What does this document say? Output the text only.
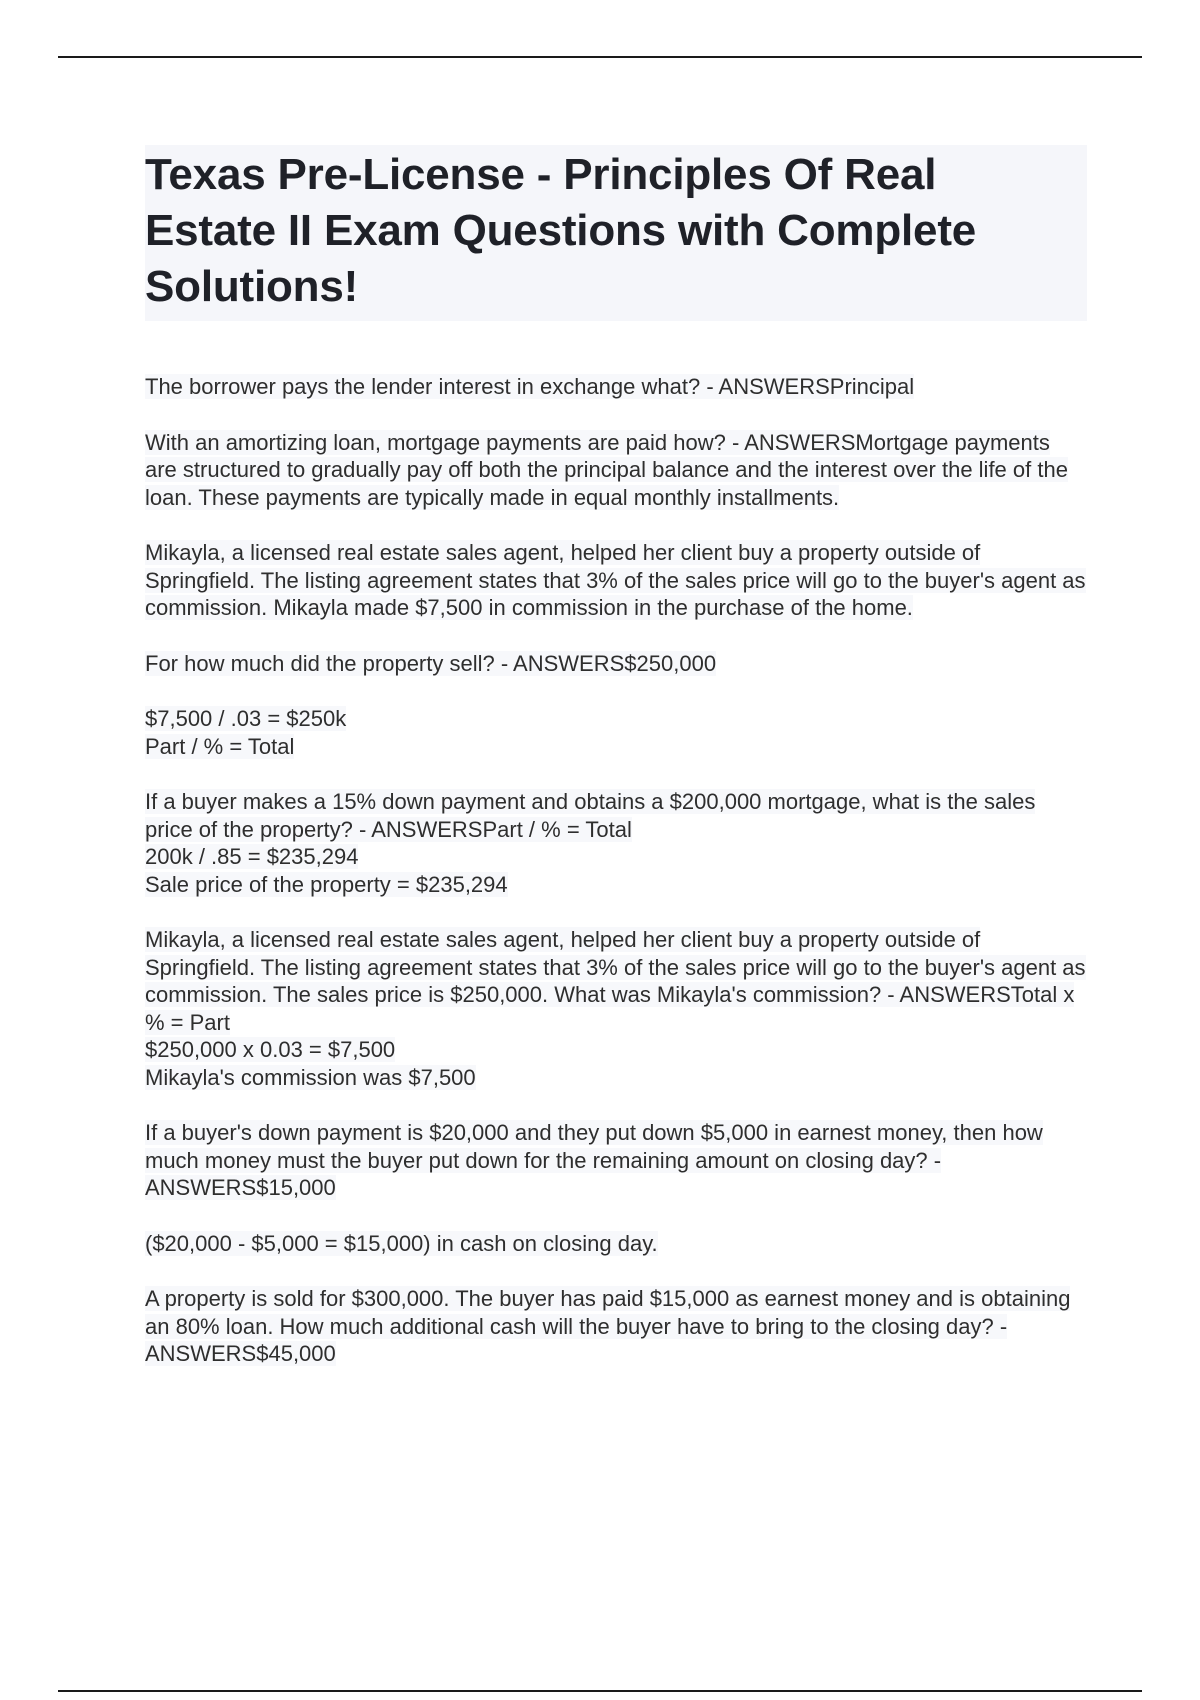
Texas Pre-License - Principles Of Real Estate II Exam Questions with Complete Solutions!

The borrower pays the lender interest in exchange what? - ANSWERSPrincipal

With an amortizing loan, mortgage payments are paid how? - ANSWERSMortgage payments are structured to gradually pay off both the principal balance and the interest over the life of the loan. These payments are typically made in equal monthly installments.

Mikayla, a licensed real estate sales agent, helped her client buy a property outside of Springfield. The listing agreement states that 3% of the sales price will go to the buyer's agent as commission. Mikayla made $7,500 in commission in the purchase of the home.

For how much did the property sell? - ANSWERS$250,000

$7,500 / .03 = $250k
Part / % = Total

If a buyer makes a 15% down payment and obtains a $200,000 mortgage, what is the sales price of the property? - ANSWERSPart / % = Total
200k / .85 = $235,294
Sale price of the property = $235,294

Mikayla, a licensed real estate sales agent, helped her client buy a property outside of Springfield. The listing agreement states that 3% of the sales price will go to the buyer's agent as commission. The sales price is $250,000. What was Mikayla's commission? - ANSWERSTotal x % = Part
$250,000 x 0.03 = $7,500
Mikayla's commission was $7,500

If a buyer's down payment is $20,000 and they put down $5,000 in earnest money, then how much money must the buyer put down for the remaining amount on closing day? - ANSWERS$15,000

($20,000 - $5,000 = $15,000) in cash on closing day.

A property is sold for $300,000. The buyer has paid $15,000 as earnest money and is obtaining an 80% loan. How much additional cash will the buyer have to bring to the closing day? - ANSWERS$45,000
